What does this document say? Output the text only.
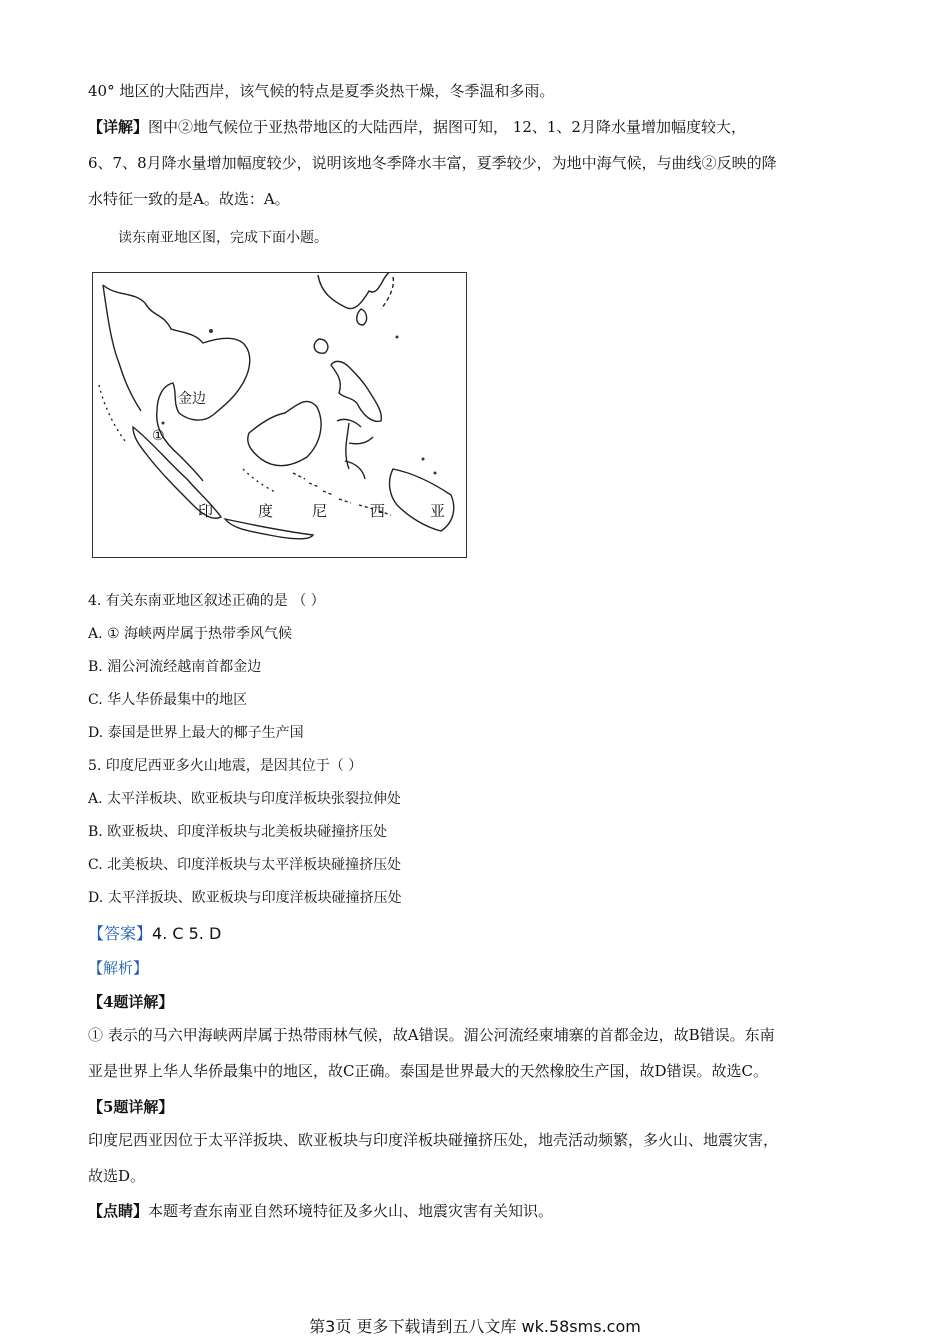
40° 地区的大陆西岸，该气候的特点是夏季炎热干燥，冬季温和多雨。
【详解】图中②地气候位于亚热带地区的大陆西岸，据图可知， 12、1、2月降水量增加幅度较大，
6、7、8月降水量增加幅度较少，说明该地冬季降水丰富，夏季较少，为地中海气候，与曲线②反映的降
水特征一致的是A。故选：A。
读东南亚地区图，完成下面小题。
金边
①
印	度	尼	西	亚
4. 有关东南亚地区叙述正确的是 （ ）
A. ① 海峡两岸属于热带季风气候
B. 湄公河流经越南首都金边
C. 华人华侨最集中的地区
D. 泰国是世界上最大的椰子生产国
5. 印度尼西亚多火山地震，是因其位于（ ）
A. 太平洋板块、欧亚板块与印度洋板块张裂拉伸处
B. 欧亚板块、印度洋板块与北美板块碰撞挤压处
C. 北美板块、印度洋板块与太平洋板块碰撞挤压处
D. 太平洋扳块、欧亚板块与印度洋板块碰撞挤压处
【答案】4. C 5. D
【解析】
【4题详解】
① 表示的马六甲海峡两岸属于热带雨林气候，故A错误。湄公河流经柬埔寨的首都金边，故B错误。东南
亚是世界上华人华侨最集中的地区，故C正确。泰国是世界最大的天然橡胶生产国，故D错误。故选C。
【5题详解】
印度尼西亚因位于太平洋扳块、欧亚板块与印度洋板块碰撞挤压处，地壳活动频繁，多火山、地震灾害，
故选D。
【点睛】本题考查东南亚自然环境特征及多火山、地震灾害有关知识。
第3页 更多下载请到五八文库 wk.58sms.com
